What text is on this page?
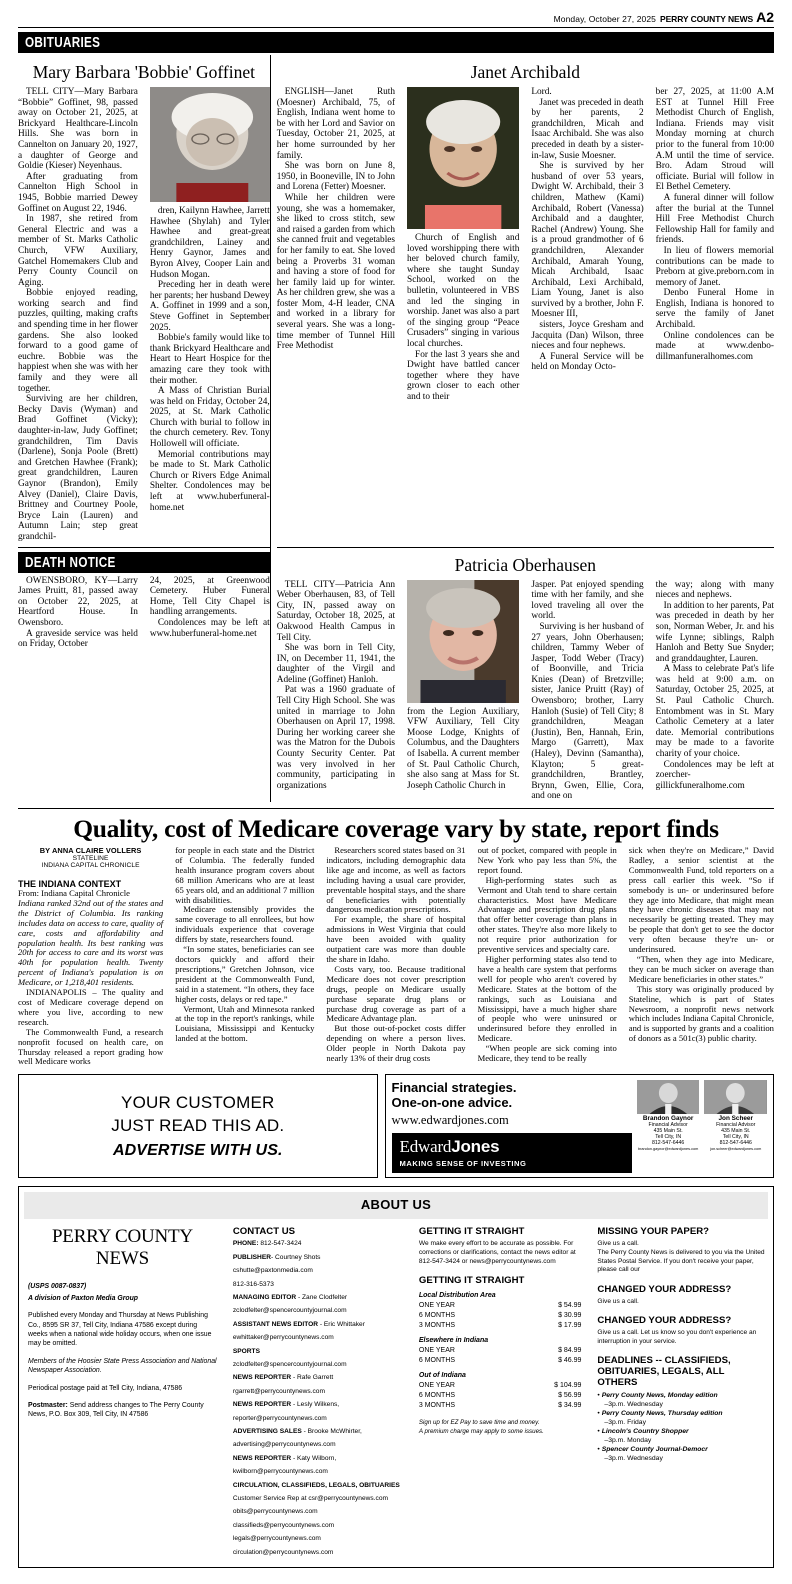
Monday, October 27, 2025 PERRY COUNTY NEWS A2
OBITUARIES
Mary Barbara 'Bobbie' Goffinet

TELL CITY—Mary Barbara “Bobbie” Goffinet, 98, passed away on October 21, 2025, at Brickyard Healthcare-Lincoln Hills. She was born in Cannelton on January 20, 1927, a daughter of George and Goldie (Kieser) Neyenhaus.

After graduating from Cannelton High School in 1945, Bobbie married Dewey Goffinet on August 22, 1946.

In 1987, she retired from General Electric and was a member of St. Marks Catholic Church, VFW Auxiliary, Gatchel Homemakers Club and Perry County Council on Aging.

Bobbie enjoyed reading, working search and find puzzles, quilting, making crafts and spending time in her flower gardens. She also looked forward to a good game of euchre. Bobbie was the happiest when she was with her family and they were all together.

Surviving are her children, Becky Davis (Wyman) and Brad Goffinet (Vicky); daughter-in-law, Judy Goffinet; grandchildren, Tim Davis (Darlene), Sonja Poole (Brett) and Gretchen Hawhee (Frank); great grandchildren, Lauren Gaynor (Brandon), Emily Alvey (Daniel), Claire Davis, Brittney and Courtney Poole, Bryce Lain (Lauren) and Autumn Lain; step great grandchil-

dren, Kailynn Hawhee, Jarrett Hawhee (Shylah) and Tyler Hawhee and great-great grandchildren, Lainey and Henry Gaynor, James and Byron Alvey, Cooper Lain and Hudson Mogan.

Preceding her in death were her parents; her husband Dewey A. Goffinet in 1999 and a son, Steve Goffinet in September 2025.

Bobbie's family would like to thank Brickyard Healthcare and Heart to Heart Hospice for the amazing care they took with their mother.

A Mass of Christian Burial was held on Friday, October 24, 2025, at St. Mark Catholic Church with burial to follow in the church cemetery. Rev. Tony Hollowell will officiate.

Memorial contributions may be made to St. Mark Catholic Church or Rivers Edge Animal Shelter. Condolences may be left at www.huberfuneral-home.net

Janet Archibald

ENGLISH—Janet Ruth (Moesner) Archibald, 75, of English, Indiana went home to be with her Lord and Savior on Tuesday, October 21, 2025, at her home surrounded by her family.

She was born on June 8, 1950, in Booneville, IN to John and Lorena (Fetter) Moesner.

While her children were young, she was a homemaker, she liked to cross stitch, sew and raised a garden from which she canned fruit and vegetables for her family to eat. She loved being a Proverbs 31 woman and having a store of food for her family laid up for winter. As her children grew, she was a foster Mom, 4-H leader, CNA and worked in a library for several years. She was a long-time member of Tunnel Hill Free Methodist

Church of English and loved worshipping there with her beloved church family, where she taught Sunday School, worked on the bulletin, volunteered in VBS and led the singing in worship. Janet was also a part of the singing group “Peace Crusaders” singing in various local churches.

For the last 3 years she and Dwight have battled cancer together where they have grown closer to each other and to their

Lord.

Janet was preceded in death by her parents, 2 grandchildren, Micah and Isaac Archibald. She was also preceded in death by a sister-in-law, Susie Moesner.

She is survived by her husband of over 53 years, Dwight W. Archibald, their 3 children, Mathew (Kami) Archibald, Robert (Vanessa) Archibald and a daughter, Rachel (Andrew) Young. She is a proud grandmother of 6 grandchildren, Alexander Archibald, Amarah Young, Micah Archibald, Isaac Archibald, Lexi Archibald, Liam Young, Janet is also survived by a brother, John F. Moesner III,

sisters, Joyce Gresham and Jacquita (Dan) Wilson, three nieces and four nephews.

A Funeral Service will be held on Monday Octo-

ber 27, 2025, at 11:00 A.M EST at Tunnel Hill Free Methodist Church of English, Indiana. Friends may visit Monday morning at church prior to the funeral from 10:00 A.M until the time of service. Bro. Adam Stroud will officiate. Burial will follow in El Bethel Cemetery.

A funeral dinner will follow after the burial at the Tunnel Hill Free Methodist Church Fellowship Hall for family and friends.

In lieu of flowers memorial contributions can be made to Preborn at give.preborn.com in memory of Janet.

Denbo Funeral Home in English, Indiana is honored to serve the family of Janet Archibald.

Online condolences can be made at www.denbo-dillmanfuneralhomes.com

DEATH NOTICE

OWENSBORO, KY—Larry James Pruitt, 81, passed away on October 22, 2025, at Heartford House. In Owensboro.

A graveside service was held on Friday, October

24, 2025, at Greenwood Cemetery. Huber Funeral Home, Tell City Chapel is handling arrangements.

Condolences may be left at www.huberfuneral-home.net

Patricia Oberhausen

TELL CITY—Patricia Ann Weber Oberhausen, 83, of Tell City, IN, passed away on Saturday, October 18, 2025, at Oakwood Health Campus in Tell City.

She was born in Tell City, IN, on December 11, 1941, the daughter of the Virgil and Adeline (Goffinet) Hanloh.

Pat was a 1960 graduate of Tell City High School. She was united in marriage to John Oberhausen on April 17, 1998. During her working career she was the Matron for the Dubois County Security Center. Pat was very involved in her community, participating in organizations

from the Legion Auxiliary, VFW Auxiliary, Tell City Moose Lodge, Knights of Columbus, and the Daughters of Isabella. A current member of St. Paul Catholic Church, she also sang at Mass for St. Joseph Catholic Church in

Jasper. Pat enjoyed spending time with her family, and she loved traveling all over the world.

Surviving is her husband of 27 years, John Oberhausen; children, Tammy Weber of Jasper, Todd Weber (Tracy) of Boonville, and Tricia Knies (Dean) of Bretzville; sister, Janice Pruitt (Ray) of Owensboro; brother, Larry Hanloh (Susie) of Tell City; 8 grandchildren, Meagan (Justin), Ben, Hannah, Erin, Margo (Garrett), Max (Haley), Devinn (Samantha), Klayton; 5 great-grandchildren, Brantley, Brynn, Gwen, Ellie, Cora, and one on

the way; along with many nieces and nephews.

In addition to her parents, Pat was preceded in death by her son, Norman Weber, Jr. and his wife Lynne; siblings, Ralph Hanloh and Betty Sue Snyder; and granddaughter, Lauren.

A Mass to celebrate Pat's life was held at 9:00 a.m. on Saturday, October 25, 2025, at St. Paul Catholic Church. Entombment was in St. Mary Catholic Cemetery at a later date. Memorial contributions may be made to a favorite charity of your choice.

Condolences may be left at zoercher-gillickfuneralhome.com

Quality, cost of Medicare coverage vary by state, report finds
BY ANNA CLAIRE VOLLERS
STATELINE
INDIANA CAPITAL CHRONICLE
THE INDIANA CONTEXT

From: Indiana Capital Chronicle

Indiana ranked 32nd out of the states and the District of Columbia. Its ranking includes data on access to care, quality of care, costs and affordability and population health. Its best ranking was 20th for access to care and its worst was 40th for population health. Twenty percent of Indiana's population is on Medicare, or 1,218,401 residents.

INDIANAPOLIS – The quality and cost of Medicare coverage depend on where you live, according to new research.

The Commonwealth Fund, a research nonprofit focused on health care, on Thursday released a report grading how well Medicare works

for people in each state and the District of Columbia. The federally funded health insurance program covers about 68 million Americans who are at least 65 years old, and an additional 7 million with disabilities.

Medicare ostensibly provides the same coverage to all enrollees, but how individuals experience that coverage differs by state, researchers found.

“In some states, beneficiaries can see doctors quickly and afford their prescriptions,” Gretchen Johnson, vice president at the Commonwealth Fund, said in a statement. “In others, they face higher costs, delays or red tape.”

Vermont, Utah and Minnesota ranked at the top in the report's rankings, while Louisiana, Mississippi and Kentucky landed at the bottom.

Researchers scored states based on 31 indicators, including demographic data like age and income, as well as factors including having a usual care provider, preventable hospital stays, and the share of beneficiaries with potentially dangerous medication prescriptions.

For example, the share of hospital admissions in West Virginia that could have been avoided with quality outpatient care was more than double the share in Idaho.

Costs vary, too. Because traditional Medicare does not cover prescription drugs, people on Medicare usually purchase separate drug plans or purchase drug coverage as part of a Medicare Advantage plan.

But those out-of-pocket costs differ depending on where a person lives. Older people in North Dakota pay nearly 13% of their drug costs

out of pocket, compared with people in New York who pay less than 5%, the report found.

High-performing states such as Vermont and Utah tend to share certain characteristics. Most have Medicare Advantage and prescription drug plans that offer better coverage than plans in other states. They're also more likely to not require prior authorization for preventive services and specialty care.

Higher performing states also tend to have a health care system that performs well for people who aren't covered by Medicare. States at the bottom of the rankings, such as Louisiana and Mississippi, have a much higher share of people who were uninsured or underinsured before they enrolled in Medicare.

“When people are sick coming into Medicare, they tend to be really

sick when they're on Medicare,” David Radley, a senior scientist at the Commonwealth Fund, told reporters on a press call earlier this week. “So if somebody is un- or underinsured before they age into Medicare, that might mean they have chronic diseases that may not necessarily be getting treated. They may be people that don't get to see the doctor very often because they're un- or underinsured.

“Then, when they age into Medicare, they can be much sicker on average than Medicare beneficiaries in other states.”

This story was originally produced by Stateline, which is part of States Newsroom, a nonprofit news network which includes Indiana Capital Chronicle, and is supported by grants and a coalition of donors as a 501c(3) public charity.

YOUR CUSTOMER
JUST READ THIS AD.
ADVERTISE WITH US.
Financial strategies.
One-on-one advice.
www.edwardjones.com
EdwardJones
MAKING SENSE OF INVESTING
Brandon Gaynor
Financial Advisor
435 Main St.
Tell City, IN
812-547-6446
brandon.gaynor@edwardjones.com
Jon Scheer
Financial Advisor
435 Main St.
Tell City, IN
812-547-6446
jon.scheer@edwardjones.com
ABOUT US
PERRY COUNTY NEWS
(USPS 0087-0837)
A division of Paxton Media Group
Published every Monday and Thursday at News Publishing Co., 8595 SR 37, Tell City, Indiana 47586 except during weeks when a national wide holiday occurs, when one issue may be omitted.
Members of the Hoosier State Press Association and National Newspaper Association.
Periodical postage paid at Tell City, Indiana, 47586
Postmaster: Send address changes to The Perry County News, P.O. Box 309, Tell City, IN 47586
CONTACT US
PHONE: 812-547-3424
PUBLISHER- Courtney Shots
cshutte@paxtonmedia.com
812-316-5373
MANAGING EDITOR - Zane Clodfelter
zclodfelter@spencercountyjournal.com
ASSISTANT NEWS EDITOR - Eric Whittaker
ewhittaker@perrycountynews.com
SPORTS
zclodfelter@spencercountyjournal.com
NEWS REPORTER - Rafe Garrett
rgarrett@perrycountynews.com
NEWS REPORTER - Lesly Wilkens,
reporter@perrycountynews.com
ADVERTISING SALES - Brooke McWhirter,
advertising@perrycountynews.com
NEWS REPORTER - Katy Wilborn,
kwilborn@perrycountynews.com
CIRCULATION, CLASSIFIEDS, LEGALS, OBITUARIES
Customer Service Rep at csr@perrycountynews.com
obits@perrycountynews.com
classifieds@perrycountynews.com
legals@perrycountynews.com
circulation@perrycountynews.com
GETTING IT STRAIGHT
We make every effort to be accurate as possible. For corrections or clarifications, contact the news editor at 812-547-3424 or news@perrycountynews.com
GETTING IT STRAIGHT
Local Distribution Area
ONE YEAR	$ 54.99
6 MONTHS	$ 30.99
3 MONTHS	$ 17.99
Elsewhere in Indiana
ONE YEAR	$ 84.99
6 MONTHS	$ 46.99
Out of Indiana
ONE YEAR	$ 104.99
6 MONTHS	$ 56.99
3 MONTHS	$ 34.99
Sign up for EZ Pay to save time and money.
A premium charge may apply to some issues.
MISSING YOUR PAPER?
Give us a call.
The Perry County News is delivered to you via the United States Postal Service. If you don't receive your paper, please call our
CHANGED YOUR ADDRESS?
Give us a call.
CHANGED YOUR ADDRESS?
Give us a call. Let us know so you don't experience an interruption in your service.
DEADLINES -- CLASSIFIEDS, OBITUARIES, LEGALS, ALL OTHERS
• Perry County News, Monday edition
–3p.m. Wednesday
• Perry County News, Thursday edition
–3p.m. Friday
• Lincoln's Country Shopper
–3p.m. Monday
• Spencer County Journal-Democr
–3p.m. Wednesday
